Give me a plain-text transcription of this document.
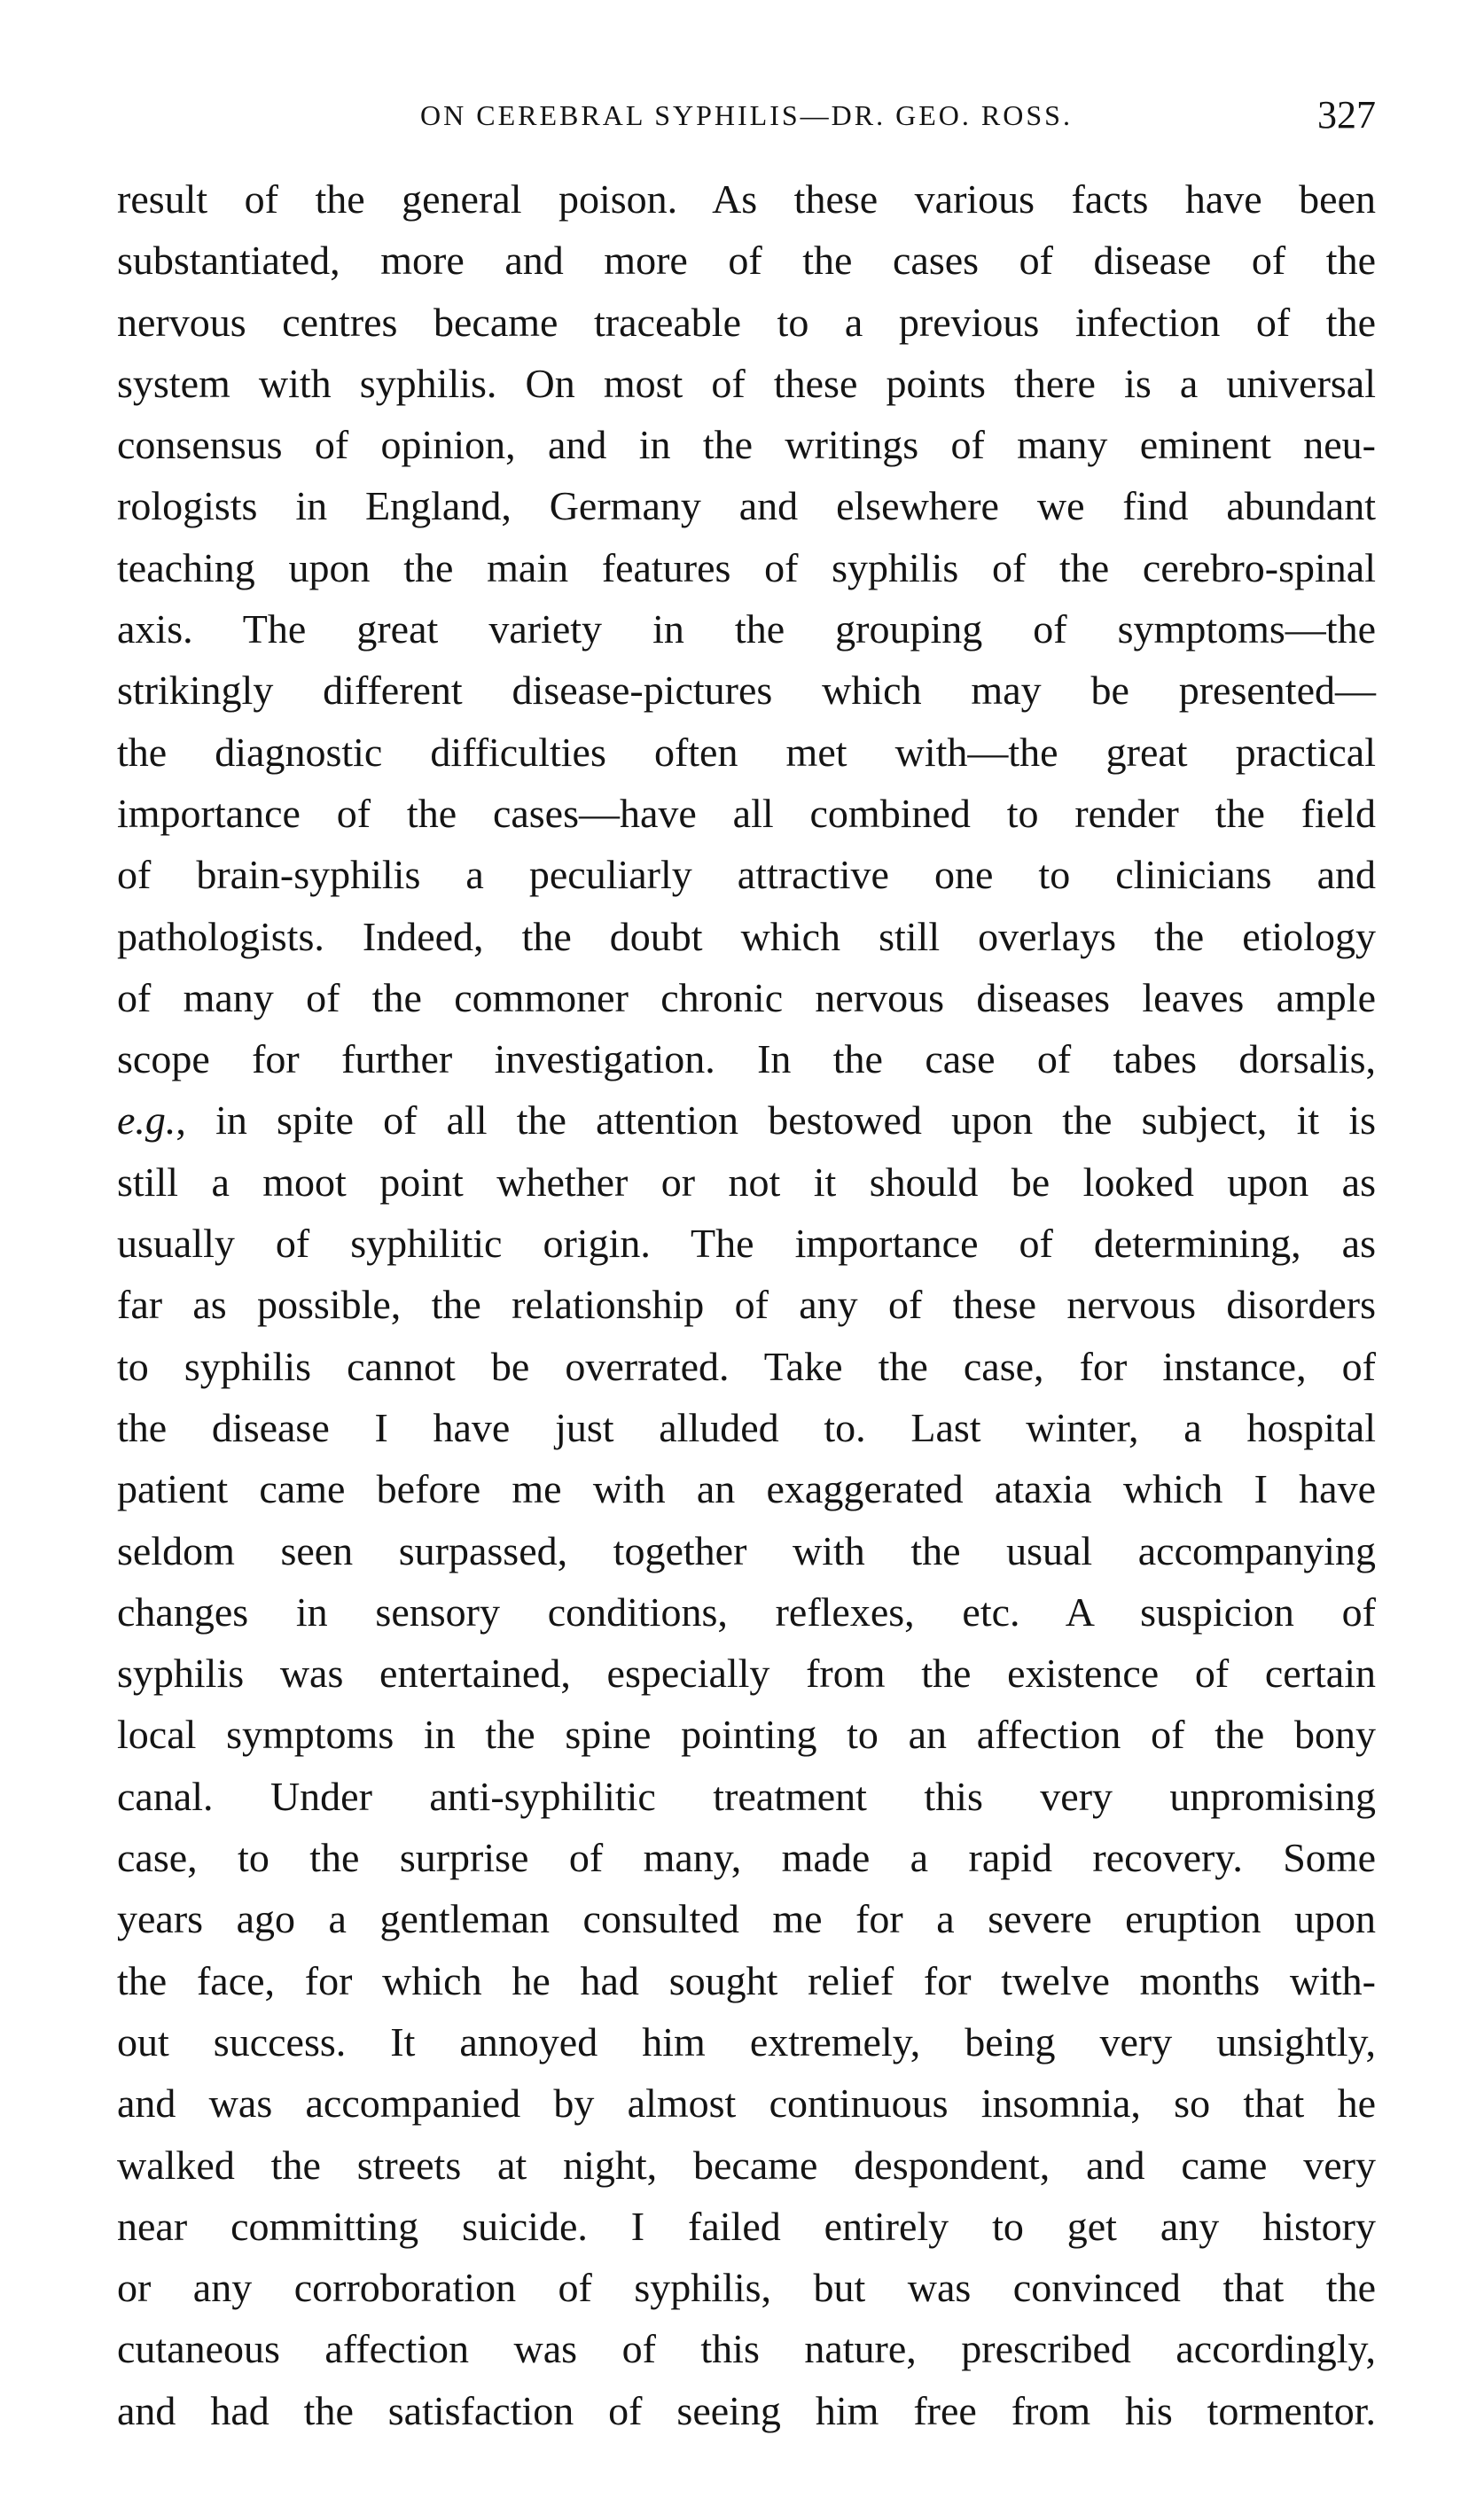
ON CEREBRAL SYPHILIS—DR. GEO. ROSS.	327
result of the general poison. As these various facts have been
substantiated, more and more of the cases of disease of the
nervous centres became traceable to a previous infection of the
system with syphilis. On most of these points there is a universal
consensus of opinion, and in the writings of many eminent neu-
rologists in England, Germany and elsewhere we find abundant
teaching upon the main features of syphilis of the cerebro-spinal
axis. The great variety in the grouping of symptoms—the
strikingly different disease-pictures which may be presented—
the diagnostic difficulties often met with—the great practical
importance of the cases—have all combined to render the field
of brain-syphilis a peculiarly attractive one to clinicians and
pathologists. Indeed, the doubt which still overlays the etiology
of many of the commoner chronic nervous diseases leaves ample
scope for further investigation. In the case of tabes dorsalis,
e.g., in spite of all the attention bestowed upon the subject, it is
still a moot point whether or not it should be looked upon as
usually of syphilitic origin. The importance of determining, as
far as possible, the relationship of any of these nervous disorders
to syphilis cannot be overrated. Take the case, for instance, of
the disease I have just alluded to. Last winter, a hospital
patient came before me with an exaggerated ataxia which I have
seldom seen surpassed, together with the usual accompanying
changes in sensory conditions, reflexes, etc. A suspicion of
syphilis was entertained, especially from the existence of certain
local symptoms in the spine pointing to an affection of the bony
canal. Under anti-syphilitic treatment this very unpromising
case, to the surprise of many, made a rapid recovery. Some
years ago a gentleman consulted me for a severe eruption upon
the face, for which he had sought relief for twelve months with-
out success. It annoyed him extremely, being very unsightly,
and was accompanied by almost continuous insomnia, so that he
walked the streets at night, became despondent, and came very
near committing suicide. I failed entirely to get any history
or any corroboration of syphilis, but was convinced that the
cutaneous affection was of this nature, prescribed accordingly,
and had the satisfaction of seeing him free from his tormentor.
